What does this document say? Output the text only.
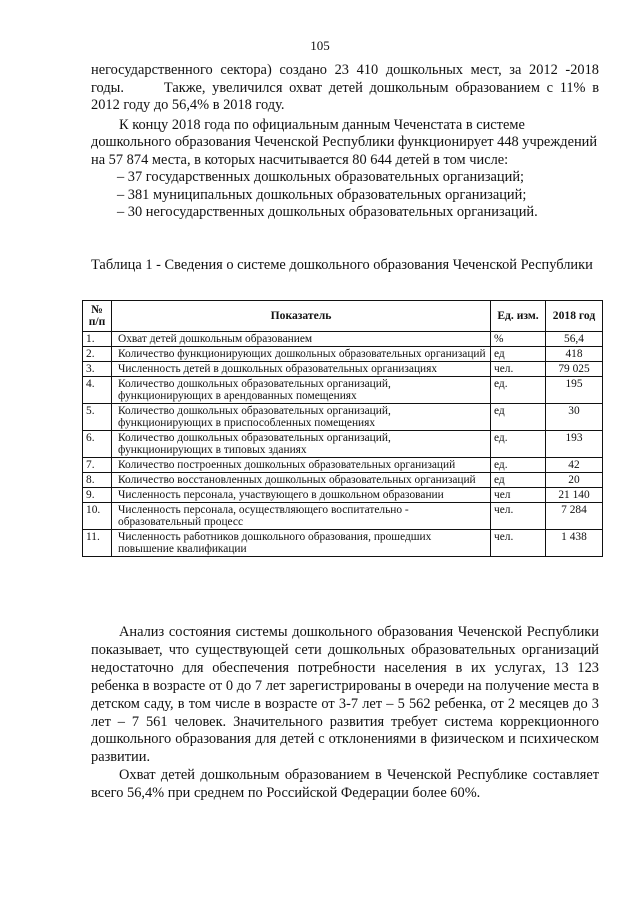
105

негосударственного сектора) создано 23 410 дошкольных мест, за 2012 -2018 годы.	Также, увеличился охват детей дошкольным образованием с 11% в 2012 году до 56,4% в 2018 году.

К концу 2018 года по официальным данным Чеченстата в системе дошкольного образования Чеченской Республики функционирует 448 учреждений на 57 874 места, в которых насчитывается 80 644 детей в том числе:

– 37 государственных дошкольных образовательных организаций;
– 381 муниципальных дошкольных образовательных организаций;
– 30 негосударственных дошкольных образовательных организаций.
Таблица 1 - Сведения о системе дошкольного образования Чеченской Республики
№
п/п	Показатель	Ед. изм.	2018 год
1.	Охват детей дошкольным образованием	%	56,4
2.	Количество функционирующих дошкольных образовательных организаций	ед	418
3.	Численность детей в дошкольных образовательных организациях	чел.	79 025
4.	Количество дошкольных образовательных организаций, функционирующих в арендованных помещениях	ед.	195
5.	Количество дошкольных образовательных организаций, функционирующих в приспособленных помещениях	ед	30
6.	Количество дошкольных образовательных организаций, функционирующих в типовых зданиях	ед.	193
7.	Количество построенных дошкольных образовательных организаций	ед.	42
8.	Количество восстановленных дошкольных образовательных организаций	ед	20
9.	Численность персонала, участвующего в дошкольном образовании	чел	21 140
10.	Численность персонала, осуществляющего воспитательно - образовательный процесс	чел.	7 284
11.	Численность работников дошкольного образования, прошедших повышение квалификации	чел.	1 438

Анализ состояния системы дошкольного образования Чеченской Республики показывает, что существующей сети дошкольных образовательных организаций недостаточно для обеспечения потребности населения в их услугах, 13 123 ребенка в возрасте от 0 до 7 лет зарегистрированы в очереди на получение места в детском саду, в том числе в возрасте от 3-7 лет – 5 562 ребенка, от 2 месяцев до 3 лет – 7 561 человек. Значительного развития требует система коррекционного дошкольного образования для детей с отклонениями в физическом и психическом развитии.

Охват детей дошкольным образованием в Чеченской Республике составляет всего 56,4% при среднем по Российской Федерации более 60%.
